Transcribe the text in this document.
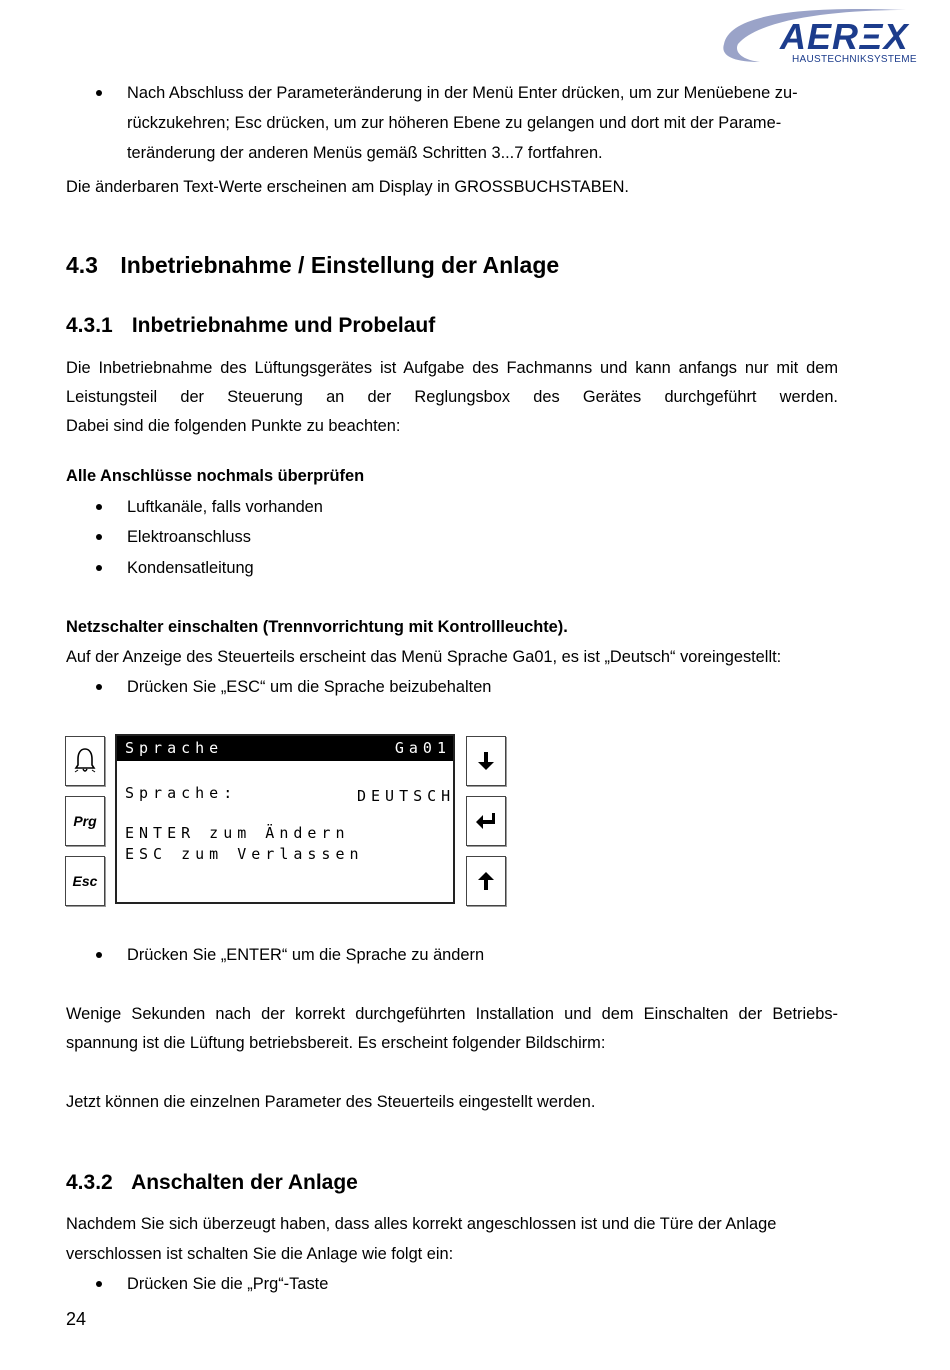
AERΞX
HAUSTECHNIKSYSTEME
Nach Abschluss der Parameteränderung in der Menü Enter drücken, um zur Menüebene zu-
rückzukehren; Esc drücken, um zur höheren Ebene zu gelangen und dort mit der Parame-
teränderung der anderen Menüs gemäß Schritten 3...7 fortfahren.
Die änderbaren Text-Werte erscheinen am Display in GROSSBUCHSTABEN.
4.3 Inbetriebnahme / Einstellung der Anlage
4.3.1 Inbetriebnahme und Probelauf
Die Inbetriebnahme des Lüftungsgerätes ist Aufgabe des Fachmanns und kann anfangs nur mit dem
Leistungsteil der Steuerung an der Reglungsbox des Gerätes durchgeführt werden.
Dabei sind die folgenden Punkte zu beachten:
Alle Anschlüsse nochmals überprüfen
Luftkanäle, falls vorhanden
Elektroanschluss
Kondensatleitung
Netzschalter einschalten (Trennvorrichtung mit Kontrollleuchte).
Auf der Anzeige des Steuerteils erscheint das Menü Sprache Ga01, es ist „Deutsch“ voreingestellt:
Drücken Sie „ESC“ um die Sprache beizubehalten
Prg
Esc
Sprache	Ga01
Sprache:	DEUTSCH
ENTER zum Ändern
ESC zum Verlassen
Drücken Sie „ENTER“ um die Sprache zu ändern
Wenige Sekunden nach der korrekt durchgeführten Installation und dem Einschalten der Betriebs-
spannung ist die Lüftung betriebsbereit. Es erscheint folgender Bildschirm:
Jetzt können die einzelnen Parameter des Steuerteils eingestellt werden.
4.3.2 Anschalten der Anlage
Nachdem Sie sich überzeugt haben, dass alles korrekt angeschlossen ist und die Türe der Anlage
verschlossen ist schalten Sie die Anlage wie folgt ein:
Drücken Sie die „Prg“-Taste
24
